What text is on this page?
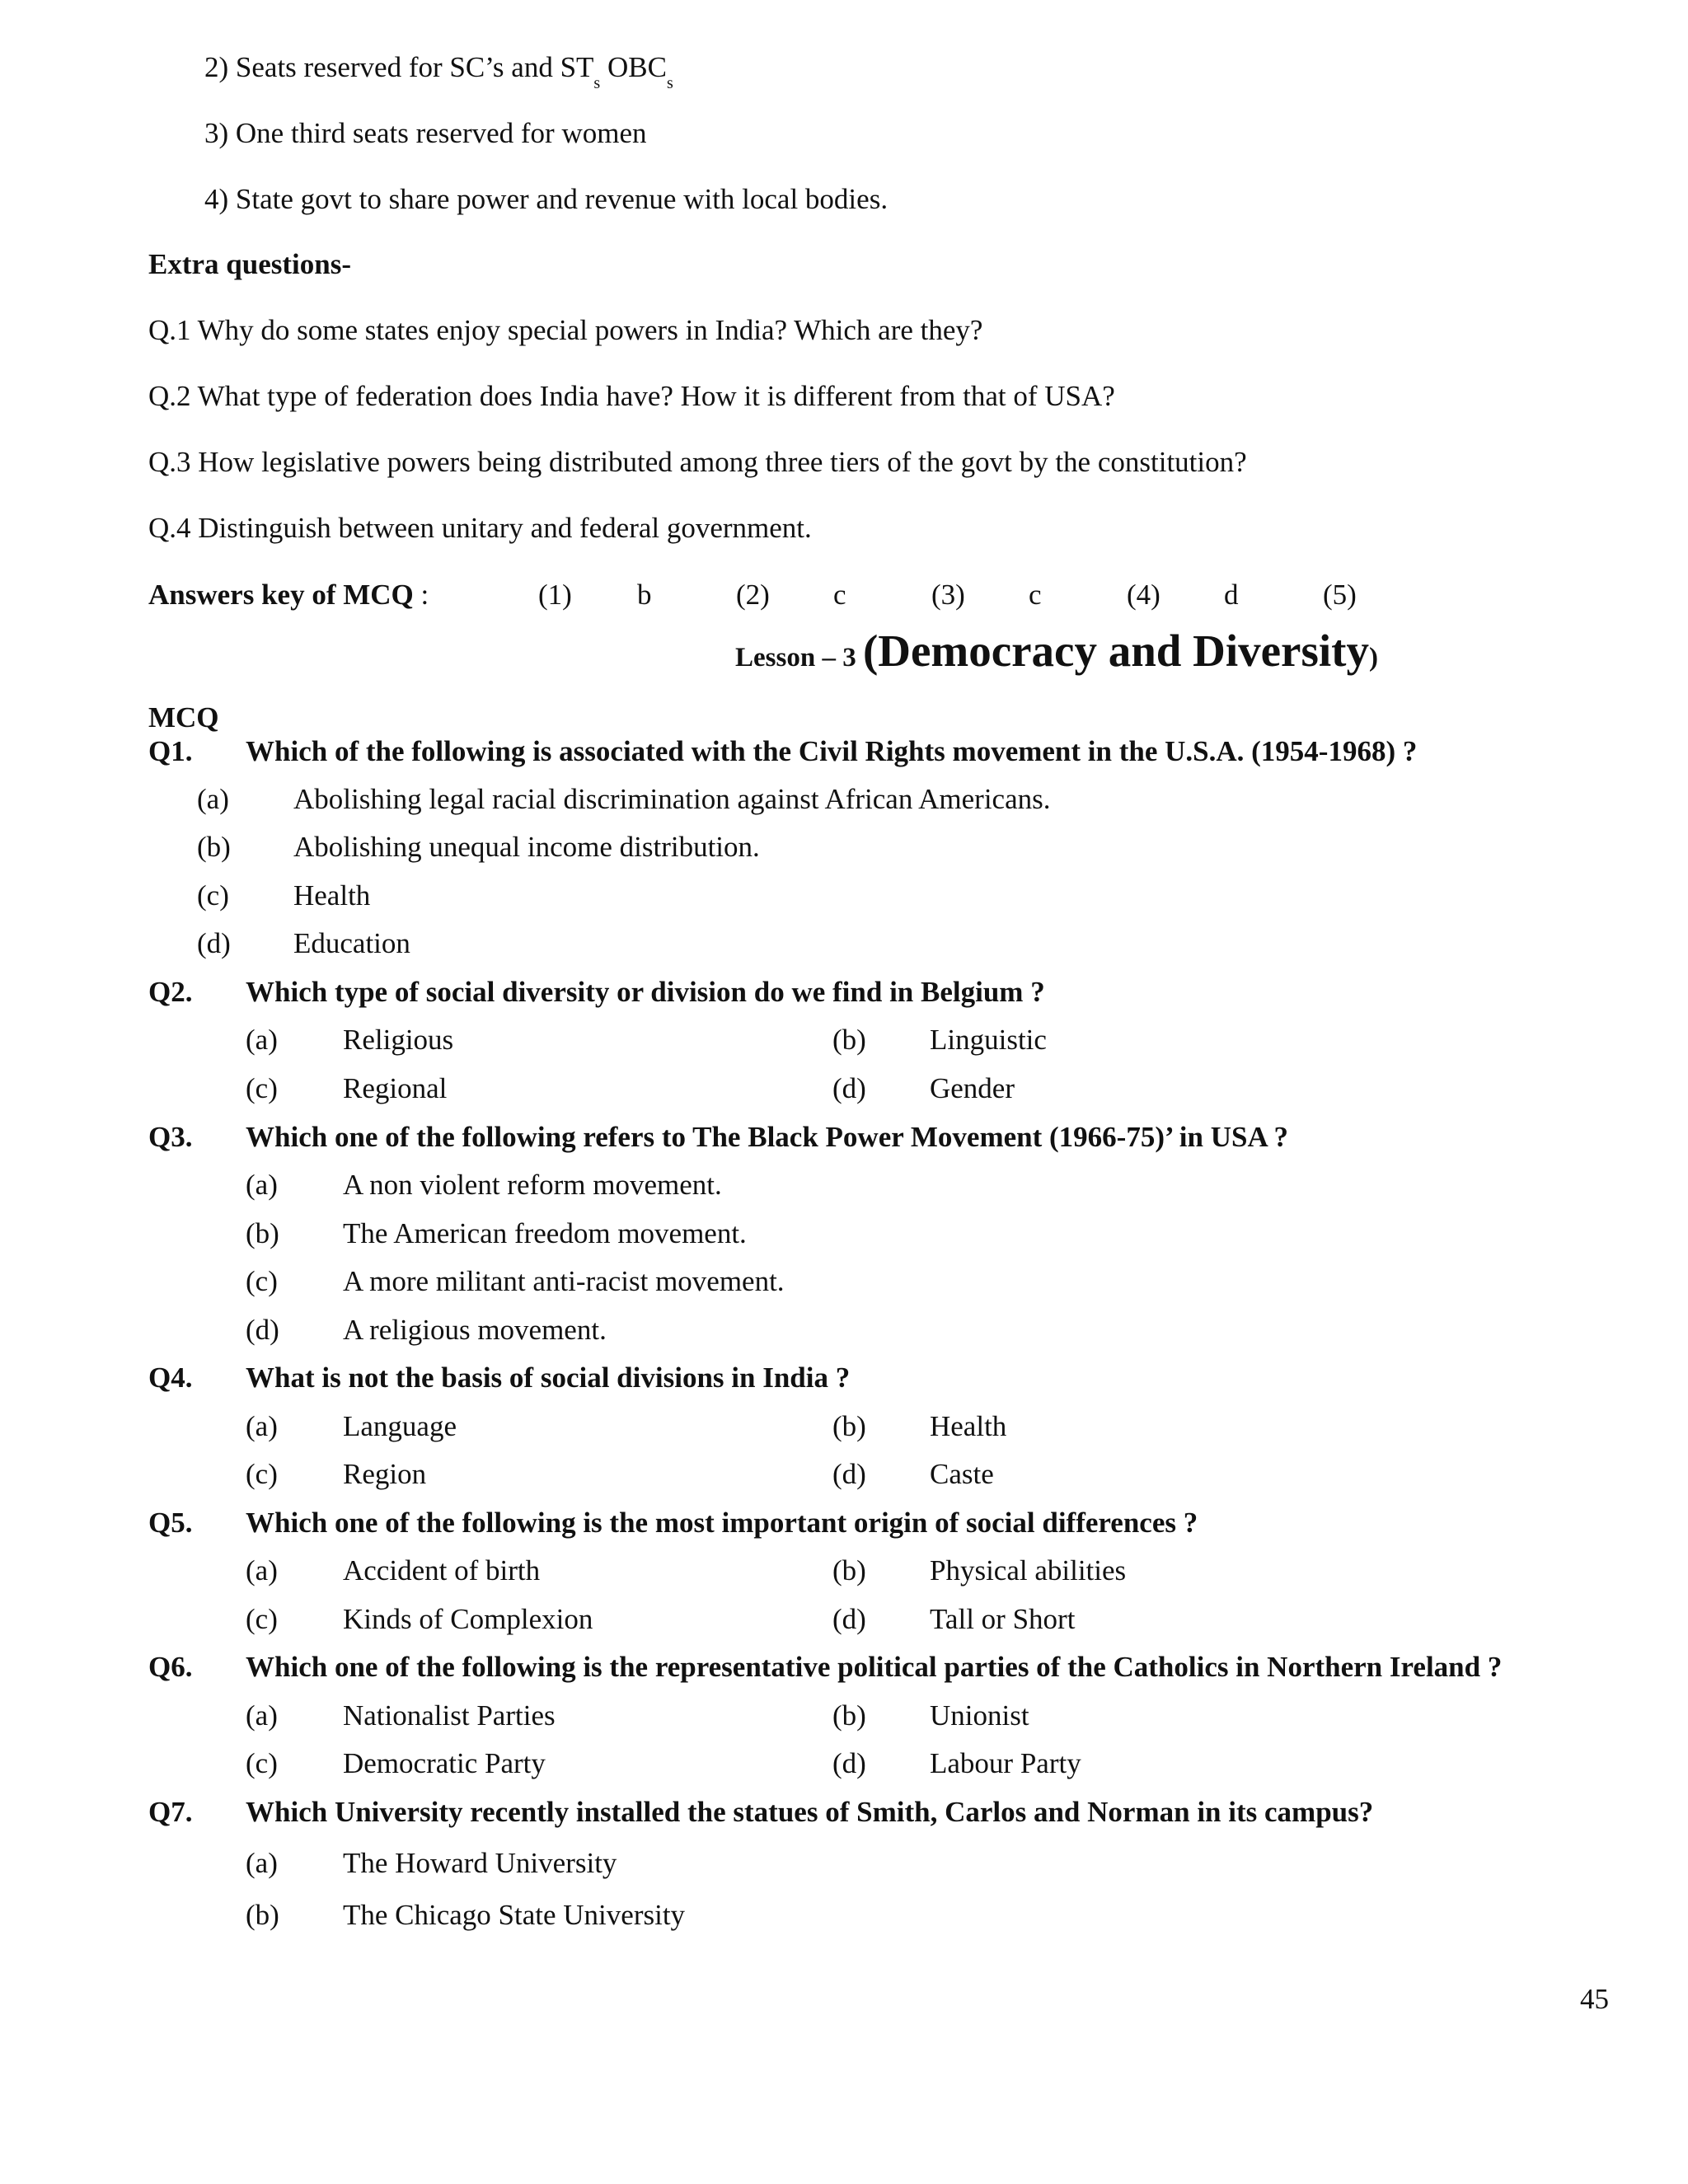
2) Seats reserved for SC’s and $ST_s$ $OBC_s$
3) One third seats reserved for women
4) State govt to share power and revenue with local bodies.
Extra questions-
Q.1 Why do some states enjoy special powers in India? Which are they?
Q.2 What type of federation does India have? How it is different from that of USA?
Q.3 How legislative powers being distributed among three tiers of the govt by the constitution?
Q.4 Distinguish between unitary and federal government.
Answers key of MCQ :	(1) b	(2) c	(3) c	(4) d	(5)
Lesson – 3 (Democracy and Diversity)
MCQ
Q1. Which of the following is associated with the Civil Rights movement in the U.S.A. (1954-1968) ?
(a) Abolishing legal racial discrimination against African Americans.
(b) Abolishing unequal income distribution.
(c) Health
(d) Education
Q2. Which type of social diversity or division do we find in Belgium ?
(a) Religious	(b) Linguistic
(c) Regional	(d) Gender
Q3. Which one of the following refers to The Black Power Movement (1966-75)’ in USA ?
(a) A non violent reform movement.
(b) The American freedom movement.
(c) A more militant anti-racist movement.
(d) A religious movement.
Q4. What is not the basis of social divisions in India ?
(a) Language	(b) Health
(c) Region	(d) Caste
Q5. Which one of the following is the most important origin of social differences ?
(a) Accident of birth	(b) Physical abilities
(c) Kinds of Complexion	(d) Tall or Short
Q6. Which one of the following is the representative political parties of the Catholics in Northern Ireland ?
(a) Nationalist Parties	(b) Unionist
(c) Democratic Party	(d) Labour Party
Q7. Which University recently installed the statues of Smith, Carlos and Norman in its campus?
(a) The Howard University
(b) The Chicago State University
45
